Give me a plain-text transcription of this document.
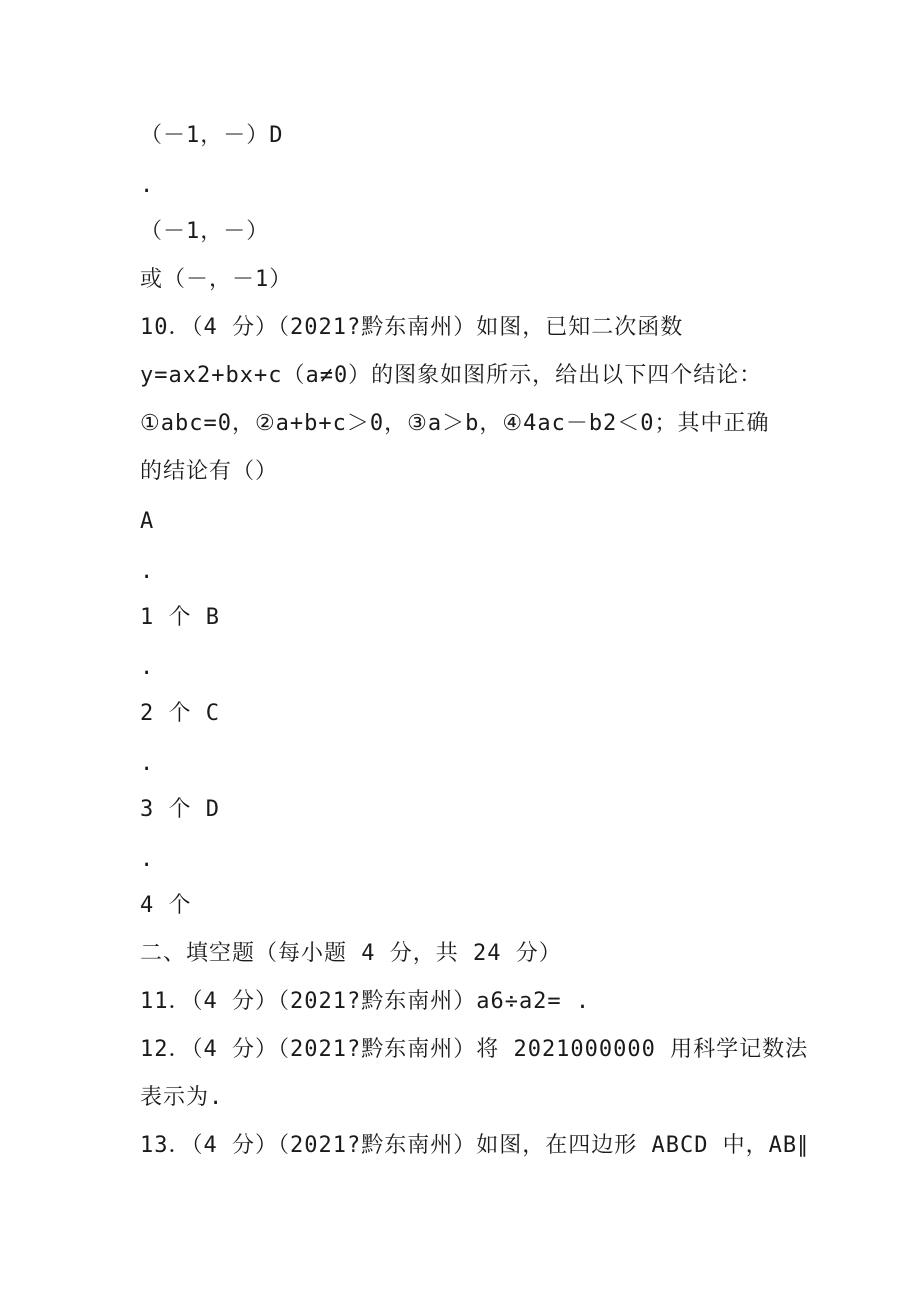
（－1，－）D
.
（－1，－）
或（－，－1）
10．（4 分）（2021?黔东南州）如图，已知二次函数
y=ax2+bx+c（a≠0）的图象如图所示，给出以下四个结论：
①abc=0，②a+b+c＞0，③a＞b，④4ac－b2＜0；其中正确
的结论有（）
A
.
1 个 B
.
2 个 C
.
3 个 D
.
4 个
二、填空题（每小题 4 分，共 24 分）
11．（4 分）（2021?黔东南州）a6÷a2= .
12．（4 分）（2021?黔东南州）将 2021000000 用科学记数法
表示为.
13．（4 分）（2021?黔东南州）如图，在四边形 ABCD 中，AB∥
